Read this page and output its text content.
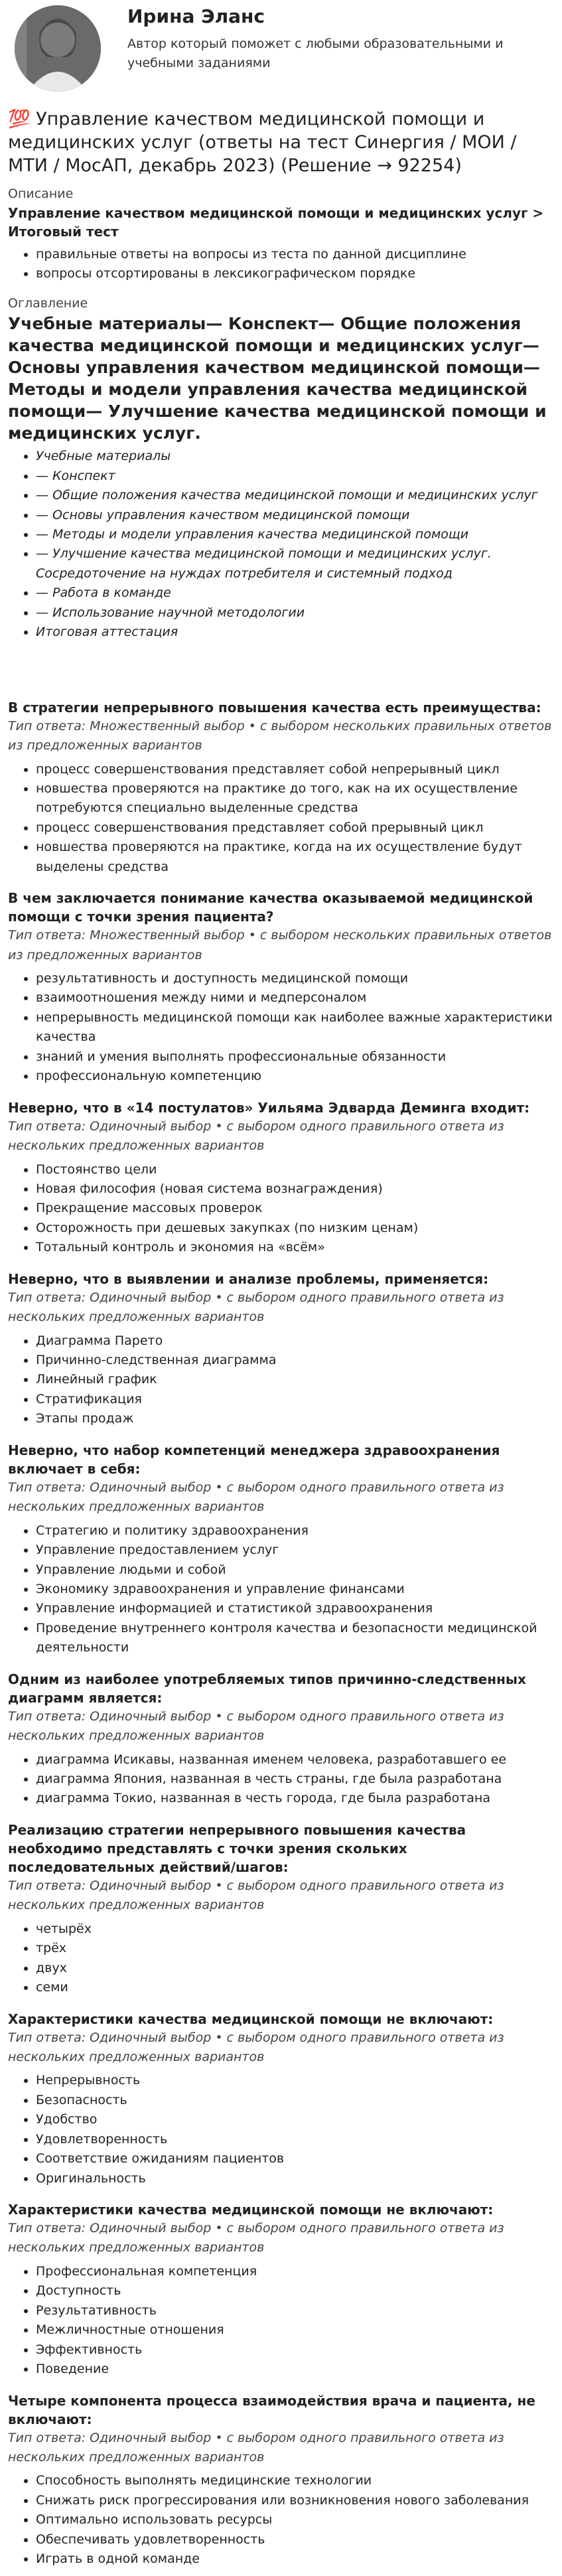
Ирина Эланс
Автор который поможет с любыми образовательными и учебными заданиями
💯 Управление качеством медицинской помощи и медицинских услуг (ответы на тест Синергия / МОИ / МТИ / МосАП, декабрь 2023) (Решение → 92254)

Описание

Управление качеством медицинской помощи и медицинских услуг > Итоговый тест

• правильные ответы на вопросы из теста по данной дисциплине
• вопросы отсортированы в лексикографическом порядке

Оглавление

Учебные материалы— Конспект— Общие положения качества медицинской помощи и медицинских услуг— Основы управления качеством медицинской помощи— Методы и модели управления качества медицинской помощи— Улучшение качества медицинской помощи и медицинских услуг.

• Учебные материалы
• — Конспект
• — Общие положения качества медицинской помощи и медицинских услуг
• — Основы управления качеством медицинской помощи
• — Методы и модели управления качества медицинской помощи
• — Улучшение качества медицинской помощи и медицинских услуг. Сосредоточение на нуждах потребителя и системный подход
• — Работа в команде
• — Использование научной методологии
• Итоговая аттестация

В стратегии непрерывного повышения качества есть преимущества:

Тип ответа: Множественный выбор • с выбором нескольких правильных ответов из предложенных вариантов

• процесс совершенствования представляет собой непрерывный цикл
• новшества проверяются на практике до того, как на их осуществление потребуются специально выделенные средства
• процесс совершенствования представляет собой прерывный цикл
• новшества проверяются на практике, когда на их осуществление будут выделены средства

В чем заключается понимание качества оказываемой медицинской помощи с точки зрения пациента?

Тип ответа: Множественный выбор • с выбором нескольких правильных ответов из предложенных вариантов

• результативность и доступность медицинской помощи
• взаимоотношения между ними и медперсоналом
• непрерывность медицинской помощи как наиболее важные характеристики качества
• знаний и умения выполнять профессиональные обязанности
• профессиональную компетенцию

Неверно, что в «14 постулатов» Уильяма Эдварда Деминга входит:

Тип ответа: Одиночный выбор • с выбором одного правильного ответа из нескольких предложенных вариантов

• Постоянство цели
• Новая философия (новая система вознаграждения)
• Прекращение массовых проверок
• Осторожность при дешевых закупках (по низким ценам)
• Тотальный контроль и экономия на «всём»

Неверно, что в выявлении и анализе проблемы, применяется:

Тип ответа: Одиночный выбор • с выбором одного правильного ответа из нескольких предложенных вариантов

• Диаграмма Парето
• Причинно-следственная диаграмма
• Линейный график
• Стратификация
• Этапы продаж

Неверно, что набор компетенций менеджера здравоохранения включает в себя:

Тип ответа: Одиночный выбор • с выбором одного правильного ответа из нескольких предложенных вариантов

• Стратегию и политику здравоохранения
• Управление предоставлением услуг
• Управление людьми и собой
• Экономику здравоохранения и управление финансами
• Управление информацией и статистикой здравоохранения
• Проведение внутреннего контроля качества и безопасности медицинской деятельности

Одним из наиболее употребляемых типов причинно-следственных диаграмм является:

Тип ответа: Одиночный выбор • с выбором одного правильного ответа из нескольких предложенных вариантов

• диаграмма Исикавы, названная именем человека, разработавшего ее
• диаграмма Япония, названная в честь страны, где была разработана
• диаграмма Токио, названная в честь города, где была разработана

Реализацию стратегии непрерывного повышения качества необходимо представлять с точки зрения скольких последовательных действий/шагов:

Тип ответа: Одиночный выбор • с выбором одного правильного ответа из нескольких предложенных вариантов

• четырёх
• трёх
• двух
• семи

Характеристики качества медицинской помощи не включают:

Тип ответа: Одиночный выбор • с выбором одного правильного ответа из нескольких предложенных вариантов

• Непрерывность
• Безопасность
• Удобство
• Удовлетворенность
• Соответствие ожиданиям пациентов
• Оригинальность

Характеристики качества медицинской помощи не включают:

Тип ответа: Одиночный выбор • с выбором одного правильного ответа из нескольких предложенных вариантов

• Профессиональная компетенция
• Доступность
• Результативность
• Межличностные отношения
• Эффективность
• Поведение

Четыре компонента процесса взаимодействия врача и пациента, не включают:

Тип ответа: Одиночный выбор • с выбором одного правильного ответа из нескольких предложенных вариантов

• Способность выполнять медицинские технологии
• Снижать риск прогрессирования или возникновения нового заболевания
• Оптимально использовать ресурсы
• Обеспечивать удовлетворенность
• Играть в одной команде
